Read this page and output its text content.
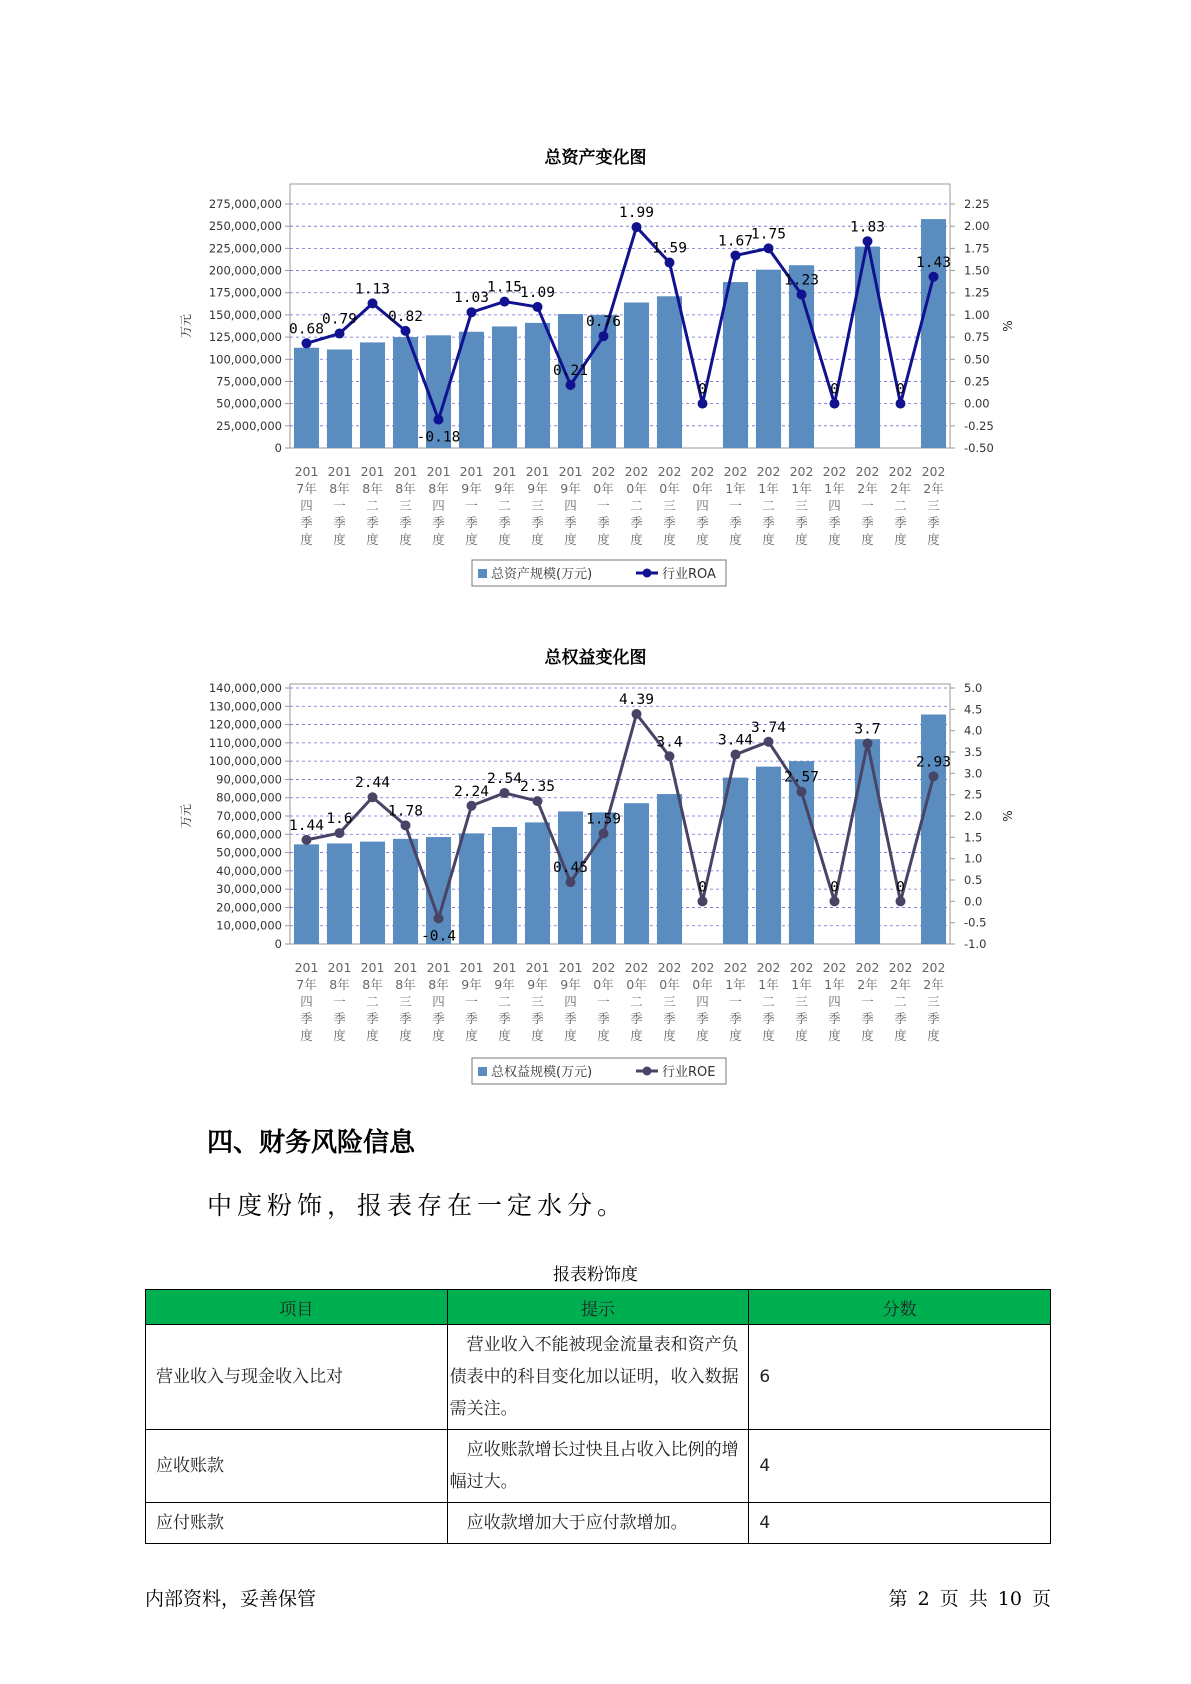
总资产变化图
0
25,000,000
50,000,000
75,000,000
100,000,000
125,000,000
150,000,000
175,000,000
200,000,000
225,000,000
250,000,000
275,000,000
-0.50
-0.25
0.00
0.25
0.50
0.75
1.00
1.25
1.50
1.75
2.00
2.25
万元	%
0.68
0.79
1.13
0.82
-0.18
1.03
1.15
1.09
0.21
0.76
1.99
1.59
0
1.67
1.75
1.23
0
1.83
0
1.43
201 7年四季度
201 8年一季度
201 8年二季度
201 8年三季度
201 8年四季度
201 9年一季度
201 9年二季度
201 9年三季度
201 9年四季度
202 0年一季度
202 0年二季度
202 0年三季度
202 0年四季度
202 1年一季度
202 1年二季度
202 1年三季度
202 1年四季度
202 2年一季度
202 2年二季度
202 2年三季度
总资产规模(万元)	行业ROA
总权益变化图
0
10,000,000
20,000,000
30,000,000
40,000,000
50,000,000
60,000,000
70,000,000
80,000,000
90,000,000
100,000,000
110,000,000
120,000,000
130,000,000
140,000,000
-1.0
-0.5
0.0
0.5
1.0
1.5
2.0
2.5
3.0
3.5
4.0
4.5
5.0
万元	%
1.44 1.6
2.44
1.78
-0.4
2.24
2.54
2.35
0.45
1.59
4.39
3.4
0
3.44
3.74
2.57
0
3.7
0
2.93
201 7年四季度
201 8年一季度
201 8年二季度
201 8年三季度
201 8年四季度
201 9年一季度
201 9年二季度
201 9年三季度
201 9年四季度
202 0年一季度
202 0年二季度
202 0年三季度
202 0年四季度
202 1年一季度
202 1年二季度
202 1年三季度
202 1年四季度
202 2年一季度
202 2年二季度
202 2年三季度
总权益规模(万元)	行业ROE
四、财务风险信息
中度粉饰，报表存在一定水分。
报表粉饰度
项目	提示	分数
营业收入与现金收入比对	营业收入不能被现金流量表和资产负债表中的科目变化加以证明，收入数据需关注。	6
应收账款	应收账款增长过快且占收入比例的增幅过大。	4
应付账款	应收款增加大于应付款增加。	4
内部资料，妥善保管	第 2 页 共 10 页
